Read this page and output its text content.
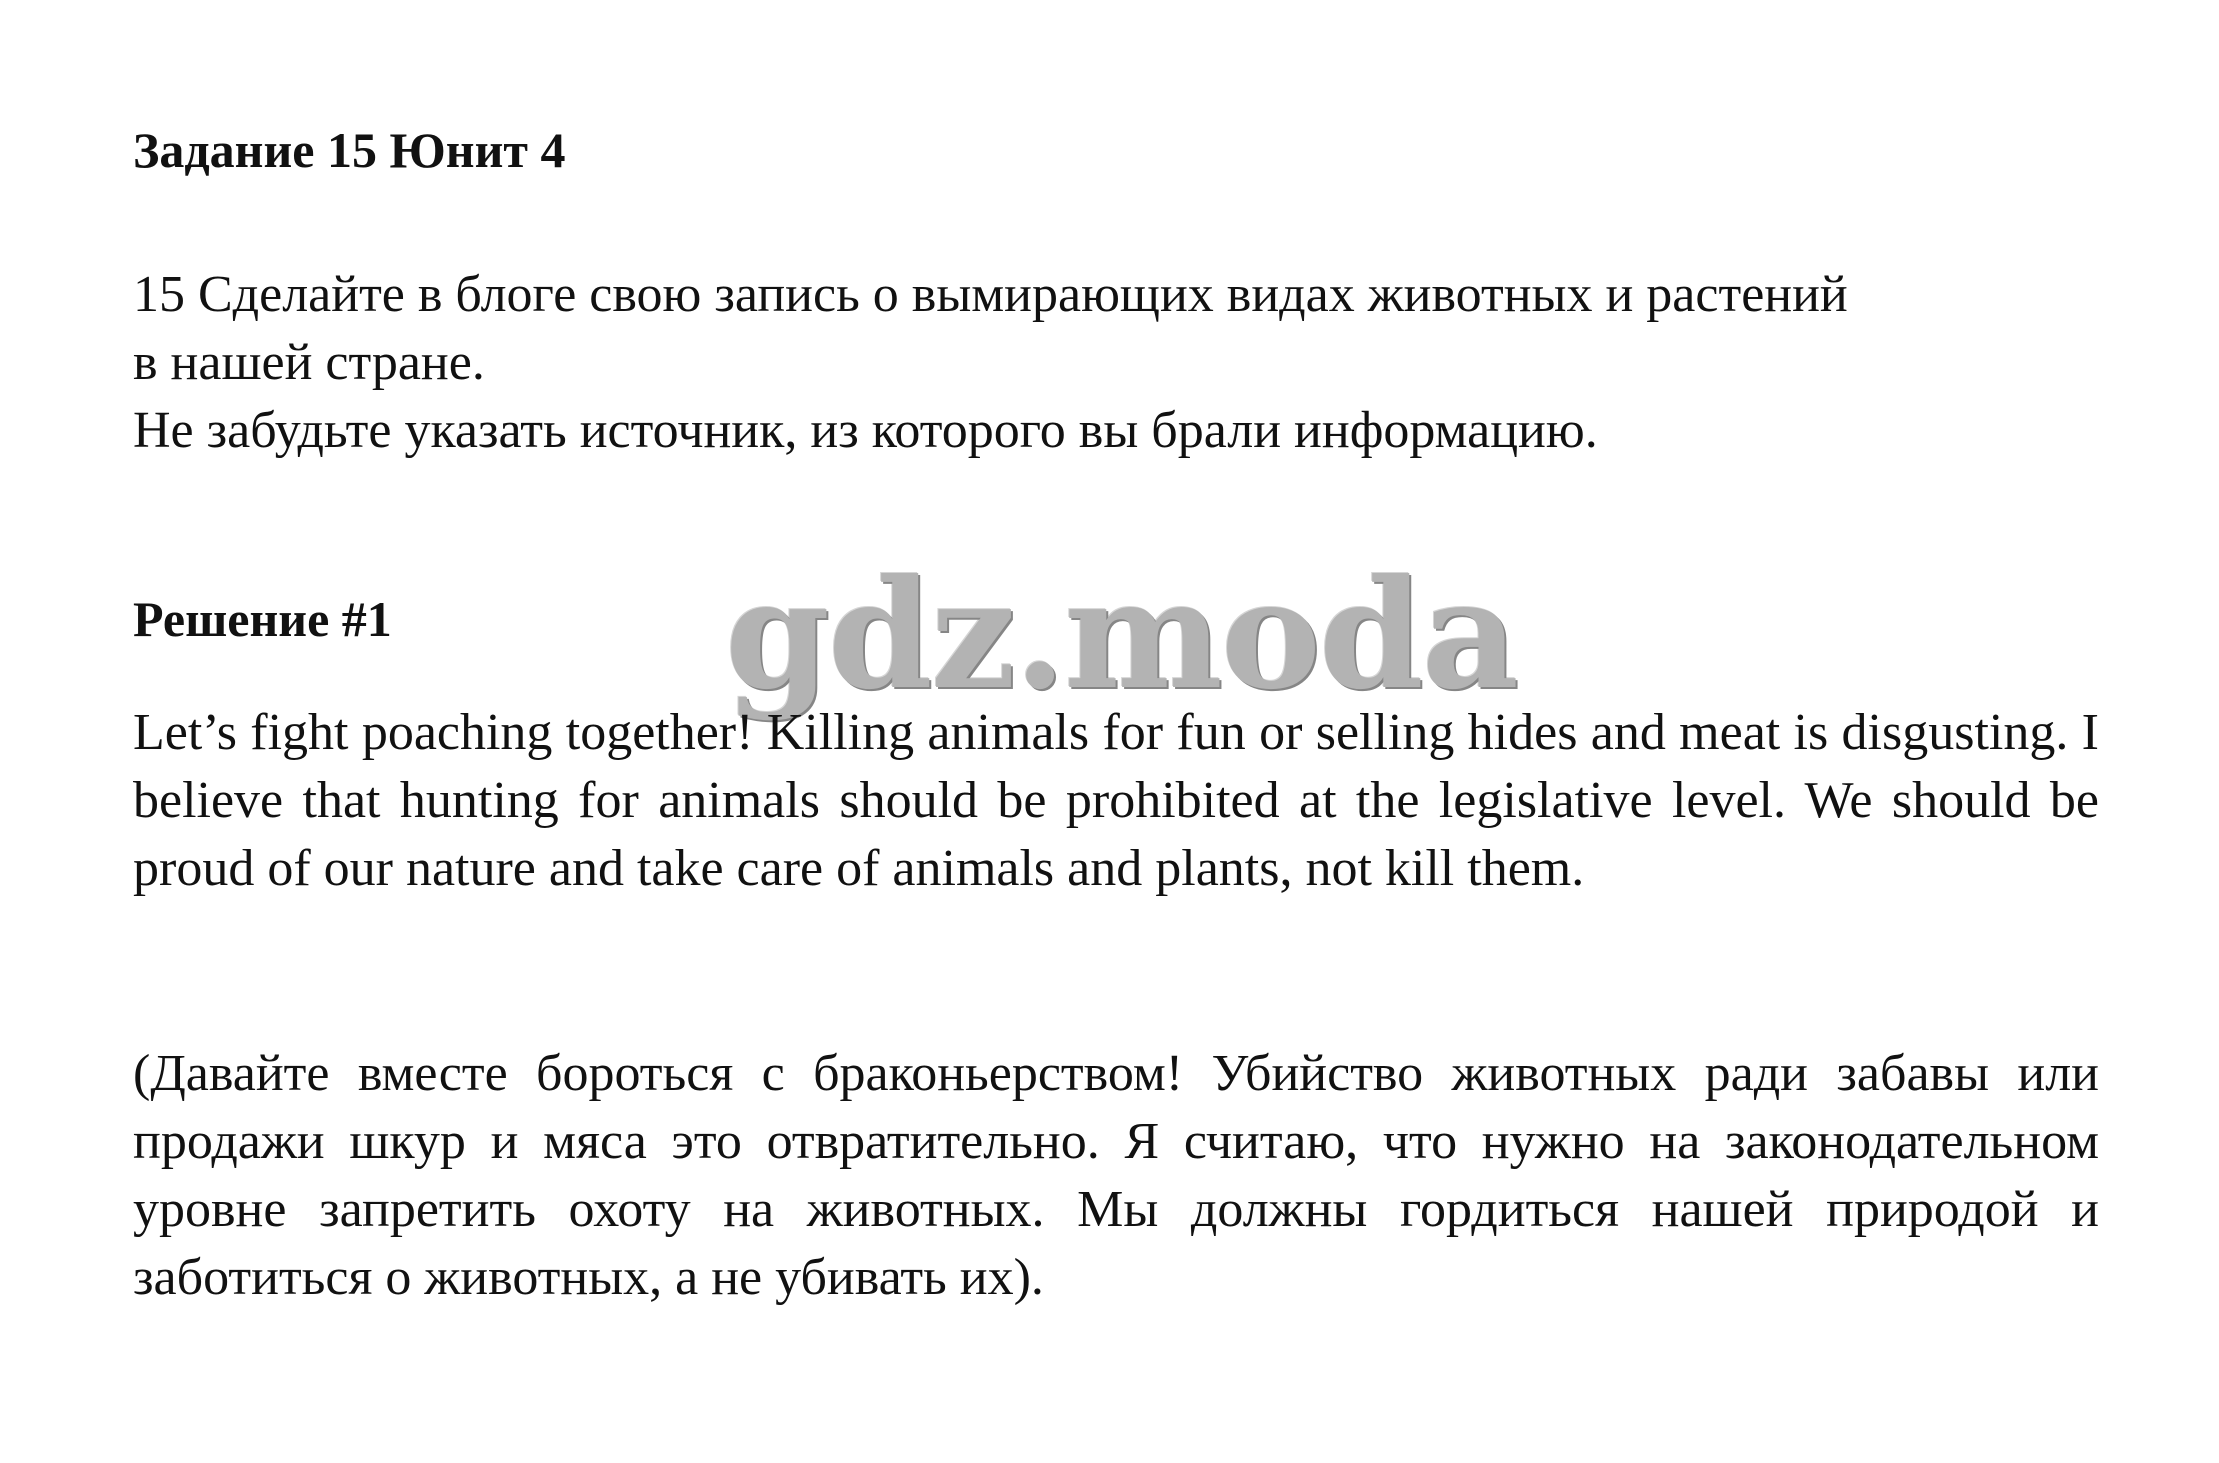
Задание 15 Юнит 4
15 Сделайте в блоге свою запись о вымирающих видах животных и растений
в нашей стране.
Не забудьте указать источник, из которого вы брали информацию.
Решение #1 gdz.moda

Let’s fight poaching together! Killing animals for fun or selling hides and meat is disgusting. I believe that hunting for animals should be prohibited at the legislative level. We should be proud of our nature and take care of animals and plants, not kill them.

(Давайте вместе бороться с браконьерством! Убийство животных ради забавы или продажи шкур и мяса это отвратительно. Я считаю, что нужно на законодательном уровне запретить охоту на животных. Мы должны гордиться нашей природой и заботиться о животных, а не убивать их).
